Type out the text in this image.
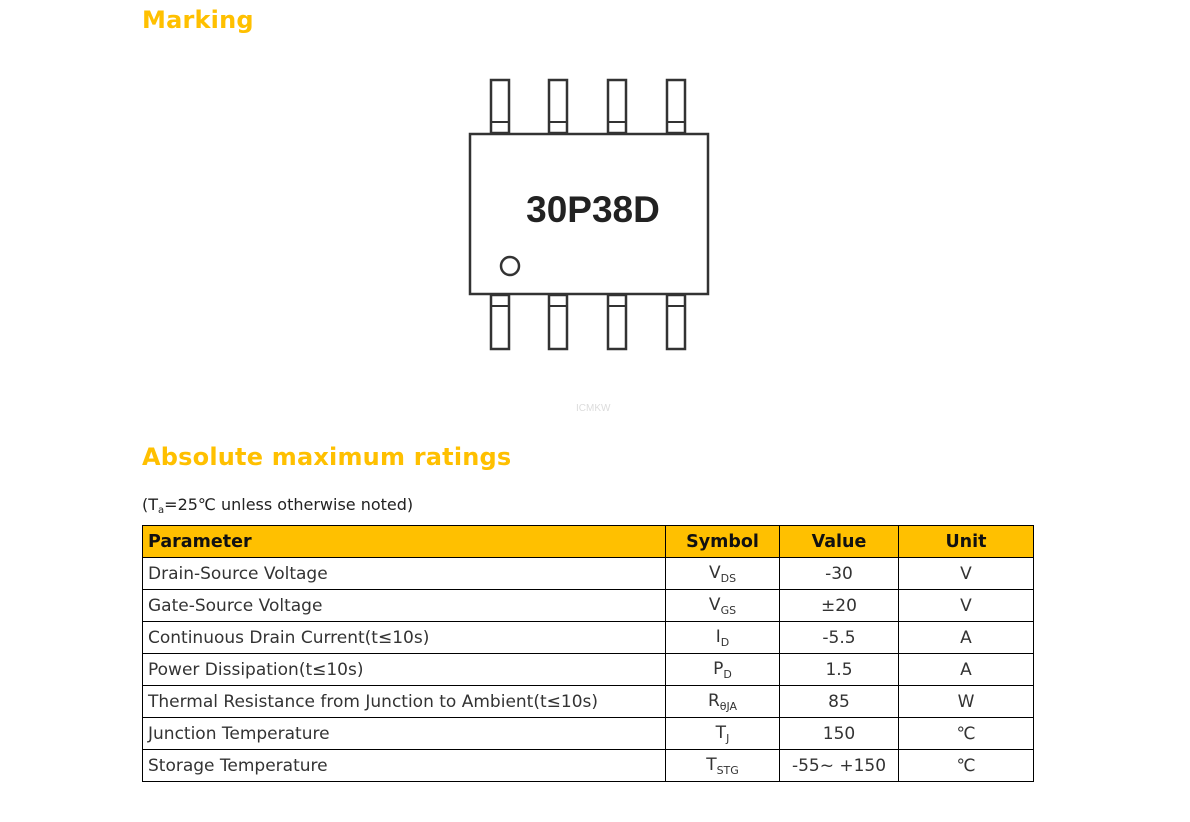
Marking
30P38D
ICMKW
Absolute maximum ratings
($T_a=25℃$ unless otherwise noted)
Parameter	Symbol	Value	Unit
Drain-Source Voltage	$V_{DS}$	-30	V
Gate-Source Voltage	$V_{GS}$	±20	V
Continuous Drain Current(t≤10s)	$I_D$	-5.5	A
Power Dissipation(t≤10s)	$P_D$	1.5	A
Thermal Resistance from Junction to Ambient(t≤10s)	$R_{\theta JA}$	85	W
Junction Temperature	$T_J$	150	℃
Storage Temperature	$T_{STG}$	-55~ +150	℃
